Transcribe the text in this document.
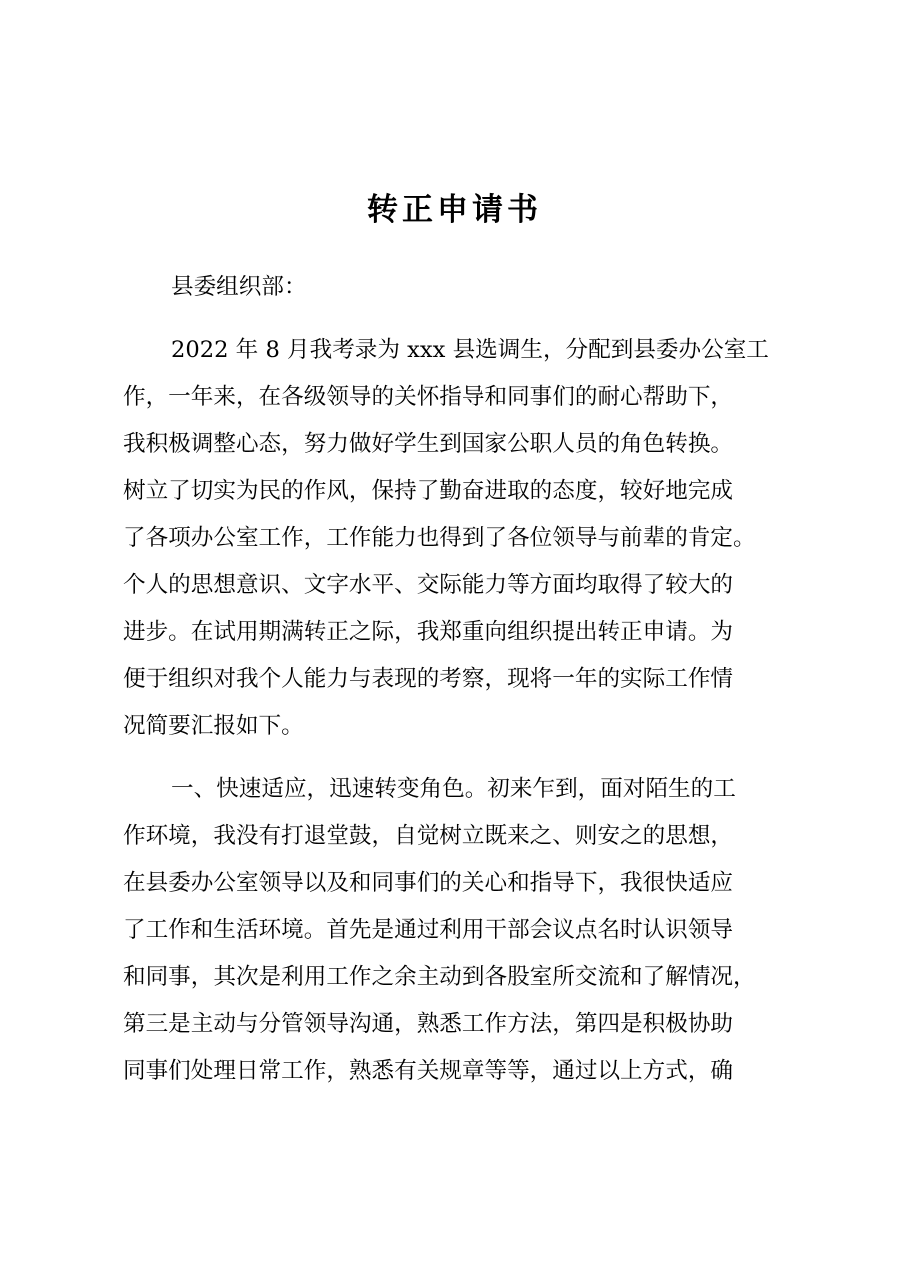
转正申请书
县委组织部：
2022 年 8 月我考录为 xxx 县选调生，分配到县委办公室工
作，一年来，在各级领导的关怀指导和同事们的耐心帮助下，
我积极调整心态，努力做好学生到国家公职人员的角色转换。
树立了切实为民的作风，保持了勤奋进取的态度，较好地完成
了各项办公室工作，工作能力也得到了各位领导与前辈的肯定。
个人的思想意识、文字水平、交际能力等方面均取得了较大的
进步。在试用期满转正之际，我郑重向组织提出转正申请。为
便于组织对我个人能力与表现的考察，现将一年的实际工作情
况简要汇报如下。
一、快速适应，迅速转变角色。初来乍到，面对陌生的工
作环境，我没有打退堂鼓，自觉树立既来之、则安之的思想，
在县委办公室领导以及和同事们的关心和指导下，我很快适应
了工作和生活环境。首先是通过利用干部会议点名时认识领导
和同事，其次是利用工作之余主动到各股室所交流和了解情况，
第三是主动与分管领导沟通，熟悉工作方法，第四是积极协助
同事们处理日常工作，熟悉有关规章等等，通过以上方式，确
